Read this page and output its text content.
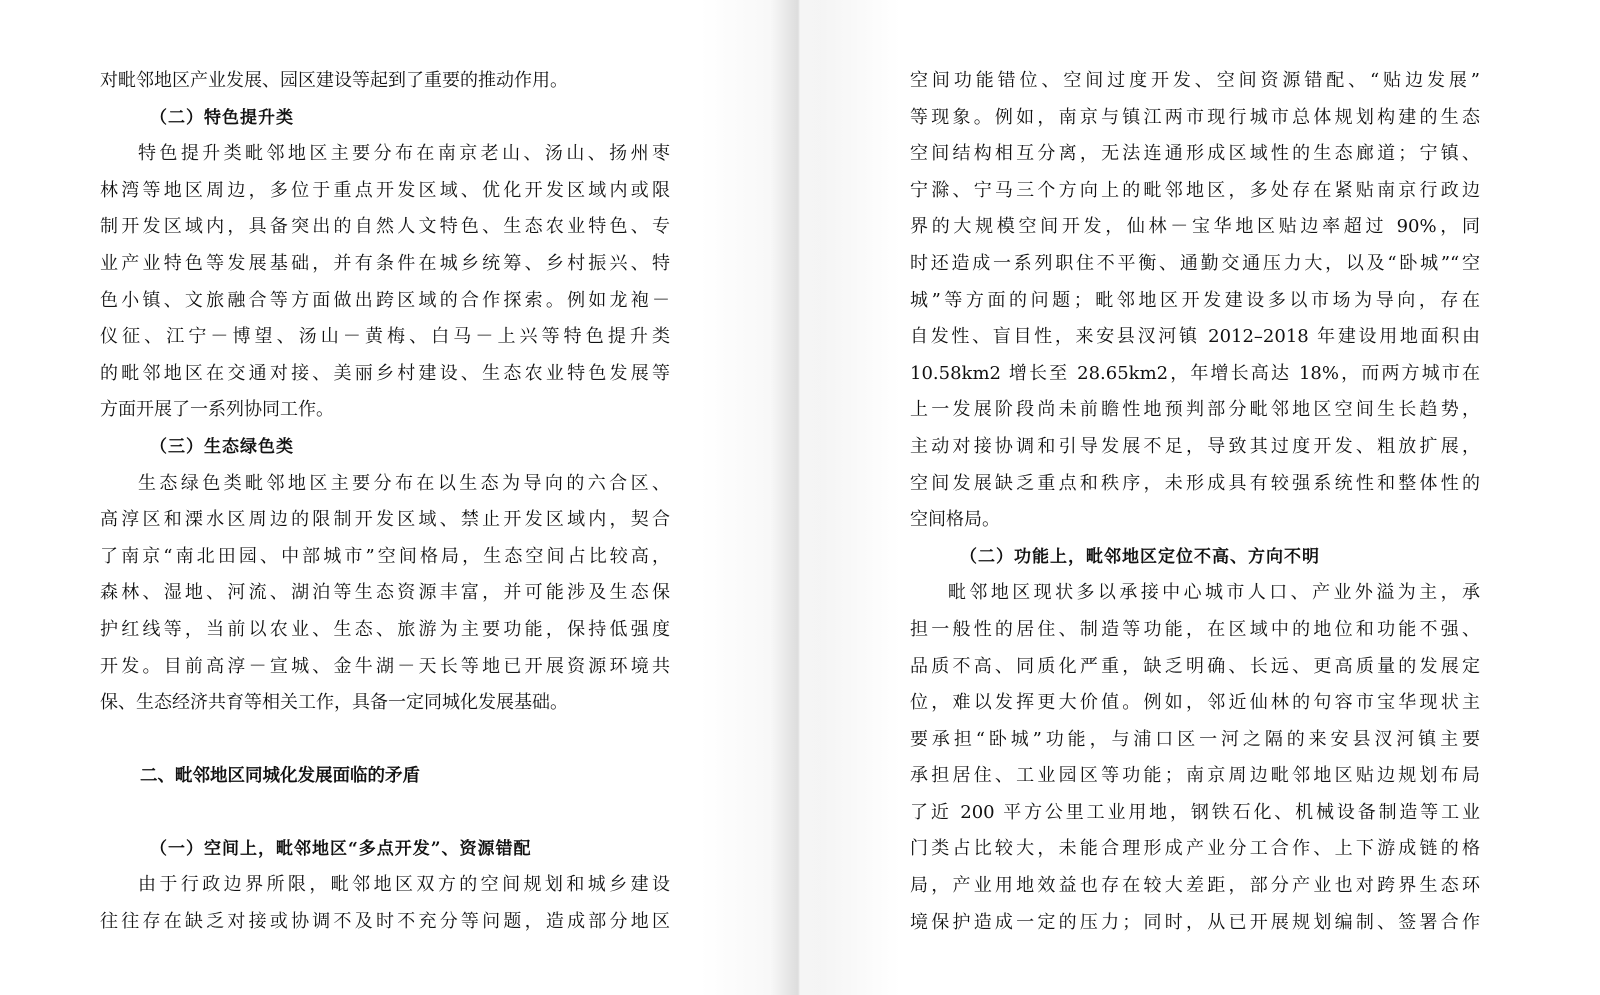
对毗邻地区产业发展、园区建设等起到了重要的推动作用。
（二）特色提升类
特色提升类毗邻地区主要分布在南京老山、汤山、扬州枣
林湾等地区周边，多位于重点开发区域、优化开发区域内或限
制开发区域内，具备突出的自然人文特色、生态农业特色、专
业产业特色等发展基础，并有条件在城乡统筹、乡村振兴、特
色小镇、文旅融合等方面做出跨区域的合作探索。例如龙袍－
仪征、江宁－博望、汤山－黄梅、白马－上兴等特色提升类
的毗邻地区在交通对接、美丽乡村建设、生态农业特色发展等
方面开展了一系列协同工作。
（三）生态绿色类
生态绿色类毗邻地区主要分布在以生态为导向的六合区、
高淳区和溧水区周边的限制开发区域、禁止开发区域内，契合
了南京“南北田园、中部城市”空间格局，生态空间占比较高，
森林、湿地、河流、湖泊等生态资源丰富，并可能涉及生态保
护红线等，当前以农业、生态、旅游为主要功能，保持低强度
开发。目前高淳－宣城、金牛湖－天长等地已开展资源环境共
保、生态经济共育等相关工作，具备一定同城化发展基础。
二、毗邻地区同城化发展面临的矛盾
（一）空间上，毗邻地区“多点开发”、资源错配
由于行政边界所限，毗邻地区双方的空间规划和城乡建设
往往存在缺乏对接或协调不及时不充分等问题，造成部分地区
空间功能错位、空间过度开发、空间资源错配、“贴边发展”
等现象。例如，南京与镇江两市现行城市总体规划构建的生态
空间结构相互分离，无法连通形成区域性的生态廊道；宁镇、
宁滁、宁马三个方向上的毗邻地区，多处存在紧贴南京行政边
界的大规模空间开发，仙林－宝华地区贴边率超过 90%，同
时还造成一系列职住不平衡、通勤交通压力大，以及“卧城”“空
城”等方面的问题；毗邻地区开发建设多以市场为导向，存在
自发性、盲目性，来安县汊河镇 2012–2018 年建设用地面积由
10.58km2 增长至 28.65km2，年增长高达 18%，而两方城市在
上一发展阶段尚未前瞻性地预判部分毗邻地区空间生长趋势，
主动对接协调和引导发展不足，导致其过度开发、粗放扩展，
空间发展缺乏重点和秩序，未形成具有较强系统性和整体性的
空间格局。
（二）功能上，毗邻地区定位不高、方向不明
毗邻地区现状多以承接中心城市人口、产业外溢为主，承
担一般性的居住、制造等功能，在区域中的地位和功能不强、
品质不高、同质化严重，缺乏明确、长远、更高质量的发展定
位，难以发挥更大价值。例如，邻近仙林的句容市宝华现状主
要承担“卧城”功能，与浦口区一河之隔的来安县汊河镇主要
承担居住、工业园区等功能；南京周边毗邻地区贴边规划布局
了近 200 平方公里工业用地，钢铁石化、机械设备制造等工业
门类占比较大，未能合理形成产业分工合作、上下游成链的格
局，产业用地效益也存在较大差距，部分产业也对跨界生态环
境保护造成一定的压力；同时，从已开展规划编制、签署合作
